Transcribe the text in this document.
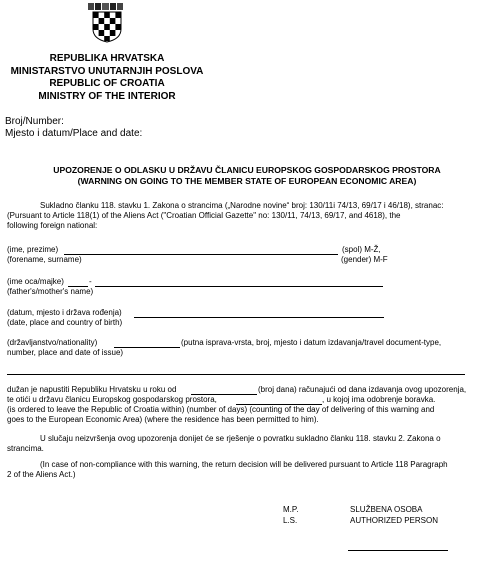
REPUBLIKA HRVATSKA
MINISTARSTVO UNUTARNJIH POSLOVA
REPUBLIC OF CROATIA
MINISTRY OF THE INTERIOR
Broj/Number:
Mjesto i datum/Place and date:
UPOZORENJE O ODLASKU U DRŽAVU ČLANICU EUROPSKOG GOSPODARSKOG PROSTORA
(WARNING ON GOING TO THE MEMBER STATE OF EUROPEAN ECONOMIC AREA)
Sukladno članku 118. stavku 1. Zakona o strancima („Narodne novine“ broj: 130/11i 74/13, 69/17 i 46/18), stranac:
(Pursuant to Article 118(1) of the Aliens Act ("Croatian Official Gazette" no: 130/11, 74/13, 69/17, and 4618), the
following foreign national:
(ime, prezime)	(spol) M-Ž,
(forename, surname)	(gender) M-F
(ime oca/majke)	-
(father's/mother's name)
(datum, mjesto i država rođenja)
(date, place and country of birth)
(državljanstvo/nationality)	(putna isprava-vrsta, broj, mjesto i datum izdavanja/travel document-type,
number, place and date of issue)
dužan je napustiti Republiku Hrvatsku u roku od	(broj dana) računajući od dana izdavanja ovog upozorenja,
te otići u državu članicu Europskog gospodarskog prostora,	, u kojoj ima odobrenje boravka.
(is ordered to leave the Republic of Croatia within) (number of days) (counting of the day of delivering of this warning and
goes to the European Economic Area) (where the residence has been permitted to him).
U slučaju neizvršenja ovog upozorenja donijet će se rješenje o povratku sukladno članku 118. stavku 2. Zakona o
strancima.
(In case of non-compliance with this warning, the return decision will be delivered pursuant to Article 118 Paragraph
2 of the Aliens Act.)
M.P.
L.S.
SLUŽBENA OSOBA
AUTHORIZED PERSON
